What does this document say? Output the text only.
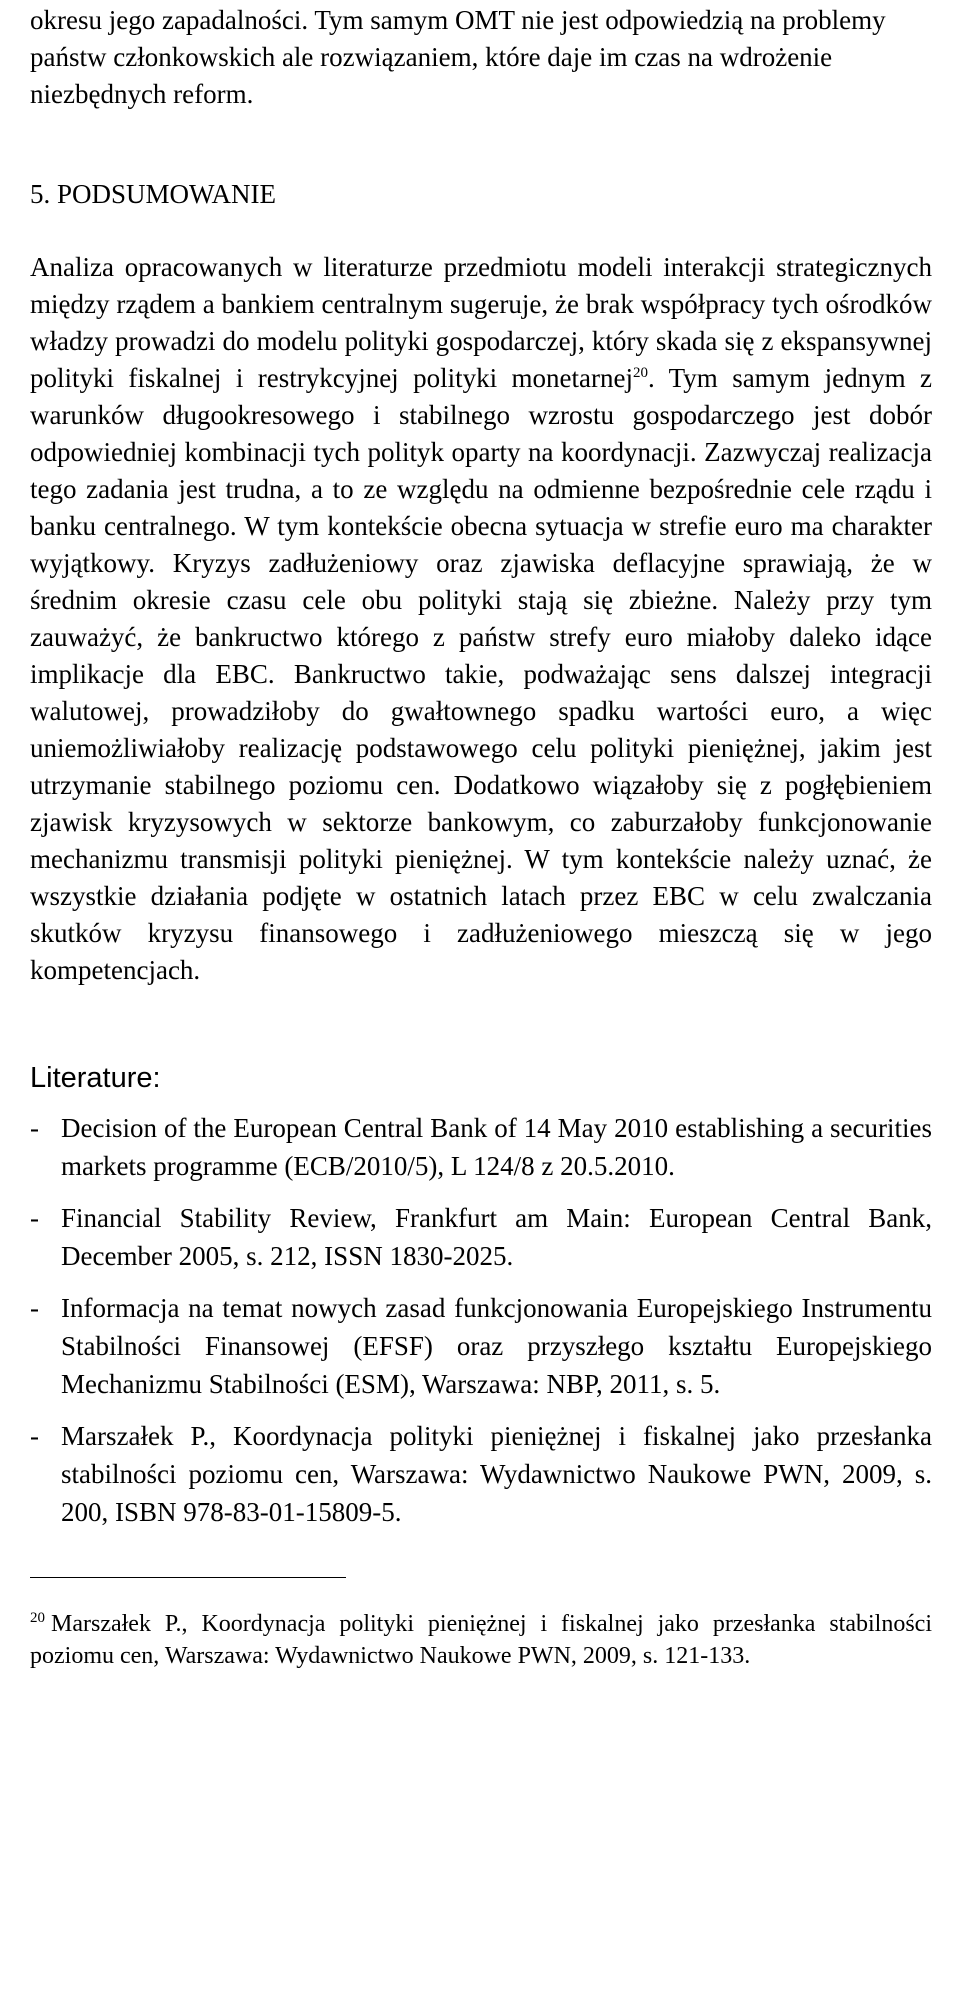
okresu jego zapadalności. Tym samym OMT nie jest odpowiedzią na problemy państw członkowskich ale rozwiązaniem, które daje im czas na wdrożenie niezbędnych reform.

5. PODSUMOWANIE

Analiza opracowanych w literaturze przedmiotu modeli interakcji strategicznych między rządem a bankiem centralnym sugeruje, że brak współpracy tych ośrodków władzy prowadzi do modelu polityki gospodarczej, który skada się z ekspansywnej polityki fiskalnej i restrykcyjnej polityki monetarnej$^{20}$. Tym samym jednym z warunków długookresowego i stabilnego wzrostu gospodarczego jest dobór odpowiedniej kombinacji tych polityk oparty na koordynacji. Zazwyczaj realizacja tego zadania jest trudna, a to ze względu na odmienne bezpośrednie cele rządu i banku centralnego. W tym kontekście obecna sytuacja w strefie euro ma charakter wyjątkowy. Kryzys zadłużeniowy oraz zjawiska deflacyjne sprawiają, że w średnim okresie czasu cele obu polityki stają się zbieżne. Należy przy tym zauważyć, że bankructwo którego z państw strefy euro miałoby daleko idące implikacje dla EBC. Bankructwo takie, podważając sens dalszej integracji walutowej, prowadziłoby do gwałtownego spadku wartości euro, a więc uniemożliwiałoby realizację podstawowego celu polityki pieniężnej, jakim jest utrzymanie stabilnego poziomu cen. Dodatkowo wiązałoby się z pogłębieniem zjawisk kryzysowych w sektorze bankowym, co zaburzałoby funkcjonowanie mechanizmu transmisji polityki pieniężnej. W tym kontekście należy uznać, że wszystkie działania podjęte w ostatnich latach przez EBC w celu zwalczania skutków kryzysu finansowego i zadłużeniowego mieszczą się w jego kompetencjach.

Literature:

- Decision of the European Central Bank of 14 May 2010 establishing a securities markets programme (ECB/2010/5), L 124/8 z 20.5.2010.
- Financial Stability Review, Frankfurt am Main: European Central Bank, December 2005, s. 212, ISSN 1830-2025.
- Informacja na temat nowych zasad funkcjonowania Europejskiego Instrumentu Stabilności Finansowej (EFSF) oraz przyszłego kształtu Europejskiego Mechanizmu Stabilności (ESM), Warszawa: NBP, 2011, s. 5.
- Marszałek P., Koordynacja polityki pieniężnej i fiskalnej jako przesłanka stabilności poziomu cen, Warszawa: Wydawnictwo Naukowe PWN, 2009, s. 200, ISBN 978-83-01-15809-5.

$^{20}$ Marszałek P., Koordynacja polityki pieniężnej i fiskalnej jako przesłanka stabilności poziomu cen, Warszawa: Wydawnictwo Naukowe PWN, 2009, s. 121-133.
